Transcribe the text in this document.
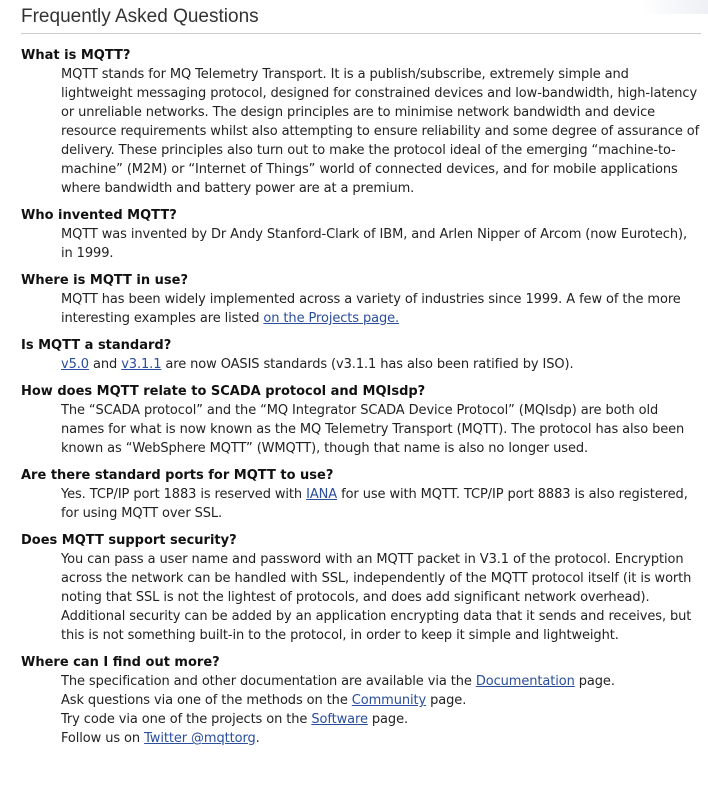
Frequently Asked Questions
What is MQTT?
MQTT stands for MQ Telemetry Transport. It is a publish/subscribe, extremely simple and lightweight messaging protocol, designed for constrained devices and low-bandwidth, high-latency or unreliable networks. The design principles are to minimise network bandwidth and device resource requirements whilst also attempting to ensure reliability and some degree of assurance of delivery. These principles also turn out to make the protocol ideal of the emerging “machine-to-machine” (M2M) or “Internet of Things” world of connected devices, and for mobile applications where bandwidth and battery power are at a premium.
Who invented MQTT?
MQTT was invented by Dr Andy Stanford-Clark of IBM, and Arlen Nipper of Arcom (now Eurotech), in 1999.
Where is MQTT in use?
MQTT has been widely implemented across a variety of industries since 1999. A few of the more interesting examples are listed on the Projects page.
Is MQTT a standard?
v5.0 and v3.1.1 are now OASIS standards (v3.1.1 has also been ratified by ISO).
How does MQTT relate to SCADA protocol and MQIsdp?
The “SCADA protocol” and the “MQ Integrator SCADA Device Protocol” (MQIsdp) are both old names for what is now known as the MQ Telemetry Transport (MQTT). The protocol has also been known as “WebSphere MQTT” (WMQTT), though that name is also no longer used.
Are there standard ports for MQTT to use?
Yes. TCP/IP port 1883 is reserved with IANA for use with MQTT. TCP/IP port 8883 is also registered, for using MQTT over SSL.
Does MQTT support security?
You can pass a user name and password with an MQTT packet in V3.1 of the protocol. Encryption across the network can be handled with SSL, independently of the MQTT protocol itself (it is worth noting that SSL is not the lightest of protocols, and does add significant network overhead). Additional security can be added by an application encrypting data that it sends and receives, but this is not something built-in to the protocol, in order to keep it simple and lightweight.
Where can I find out more?
The specification and other documentation are available via the Documentation page.
Ask questions via one of the methods on the Community page.
Try code via one of the projects on the Software page.
Follow us on Twitter @mqttorg.
